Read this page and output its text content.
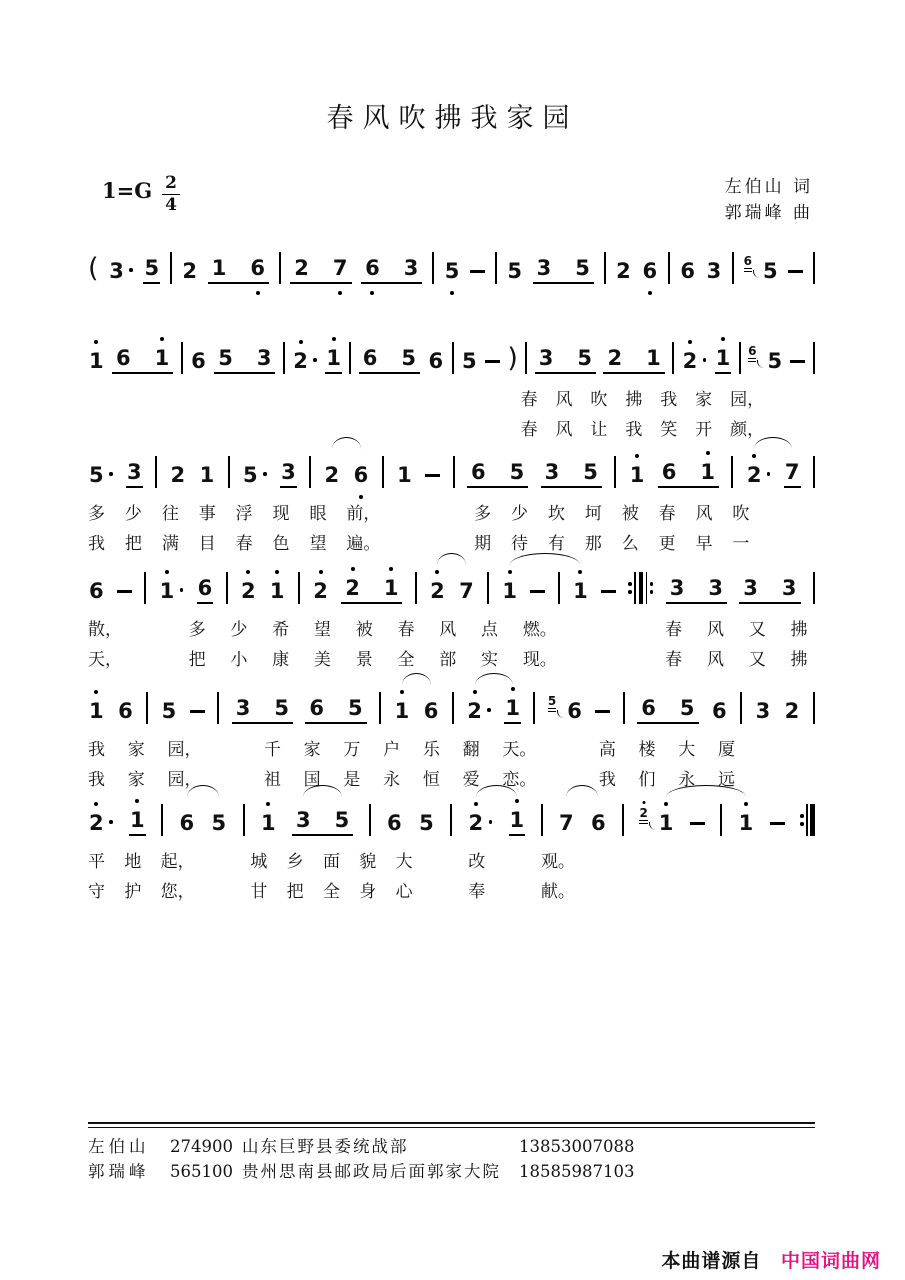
春风吹拂我家园
$1=G \frac{2}{4}$	左伯山 词
郭瑞峰 曲
( 3 5 2 1 6 2 7 6 3 5 5 3 5 2 6 6 3 6 5
1 6 1 6 5 3 2 1 6 5 6 5 ) 3 5 2 1 2 1 6 5
春 风 吹 拂 我 家 园，
春 风 让 我 笑 开 颜，
5 3 2 1 5 3 2 6 1	6 5 3 5 1 6 1 2 7
多 少 往 事 浮 现 眼 前，	多 少 坎 坷 被 春 风 吹
我 把 满 目 春 色 望 遍。	期 待 有 那 么 更 早 一
6	1 6 2 1 2 2 1 2 7 1	1	3 3 3 3
散，	多 少 希 望 被 春 风 点 燃。	春 风 又 拂
天，	把 小 康 美 景 全 部 实 现。	春 风 又 拂
1 6 5	3 5 6 5 1 6 2 1 5 6	6 5 6 3 2
我 家 园，	千 家 万 户 乐 翻 天。	高 楼 大 厦
我 家 园，	祖 国 是 永 恒 爱 恋。	我 们 永 远
2 1 6 5 1 3 5 6 5 2 1 7 6	2 1	1
平 地 起，	城 乡 面 貌 大	改	观。
守 护 您，	甘 把 全 身 心	奉	献。
左伯山	274900 山东巨野县委统战部	13853007088
郭瑞峰	565100 贵州思南县邮政局后面郭家大院	18585987103
本曲谱源自 中国词曲网
